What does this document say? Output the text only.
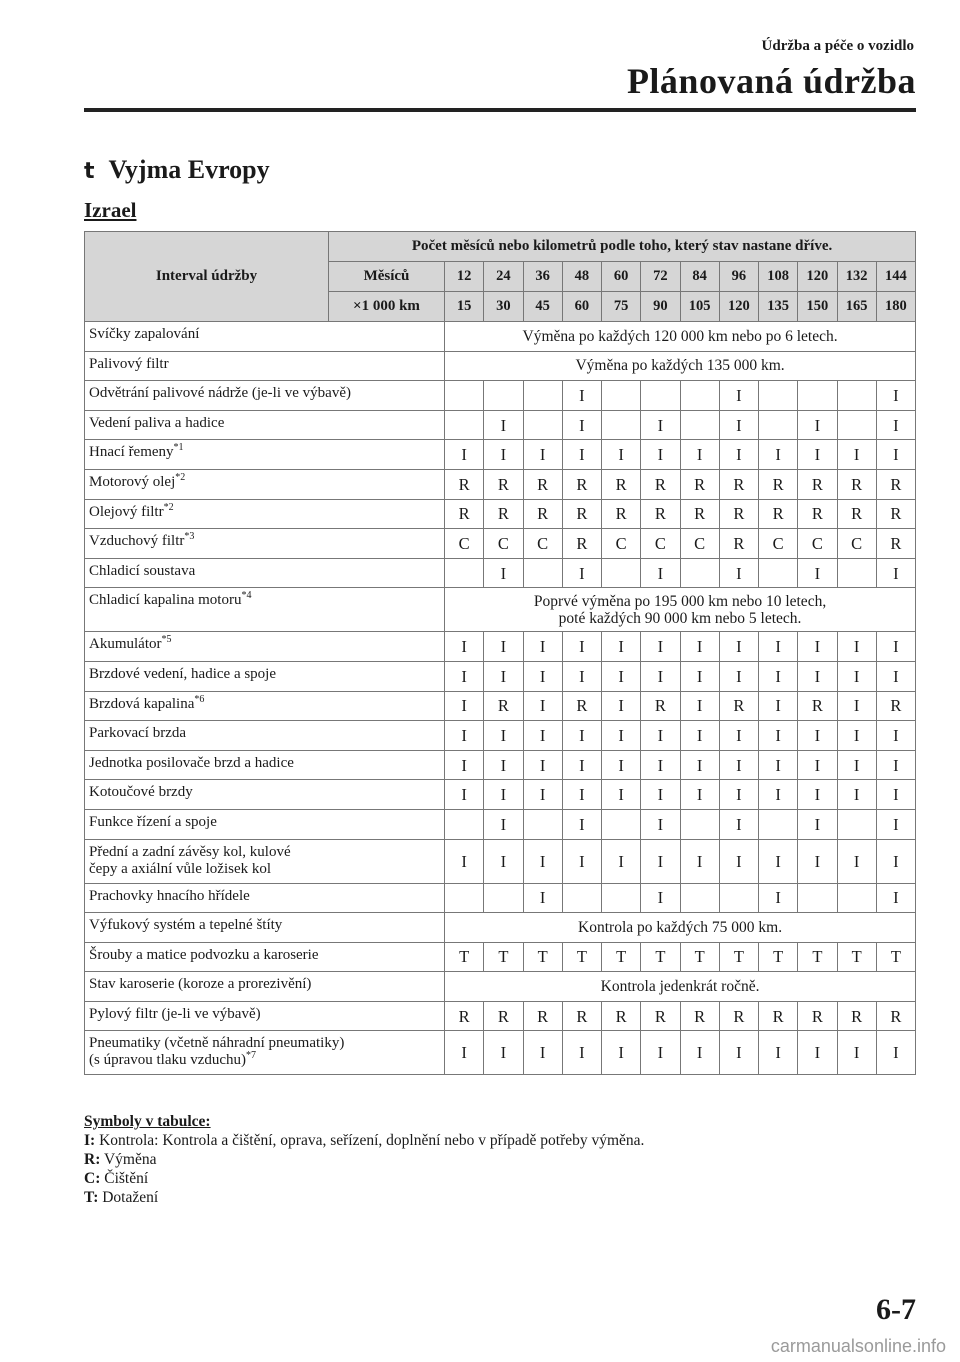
Údržba a péče o vozidlo
Plánovaná údržba
t Vyjma Evropy
Izrael
Interval údržby	Počet měsíců nebo kilometrů podle toho, který stav nastane dříve.												
	Měsíců	12	24	36	48	60	72	84	96	108	120	132	144
	×1 000 km	15	30	45	60	75	90	105	120	135	150	165	180
Svíčky zapalování		Výměna po každých 120 000 km nebo po 6 letech.											
Palivový filtr		Výměna po každých 135 000 km.											
Odvětrání palivové nádrže (je-li ve výbavě)					I				I				I
Vedení paliva a hadice			I		I		I		I		I		I
Hnací řemeny$^{*1}$		I	I	I	I	I	I	I	I	I	I	I	I
Motorový olej$^{*2}$		R	R	R	R	R	R	R	R	R	R	R	R
Olejový filtr$^{*2}$		R	R	R	R	R	R	R	R	R	R	R	R
Vzduchový filtr$^{*3}$		C	C	C	R	C	C	C	R	C	C	C	R
Chladicí soustava			I		I		I		I		I		I
Chladicí kapalina motoru$^{*4}$		Poprvé výměna po 195 000 km nebo 10 letech,
poté každých 90 000 km nebo 5 letech.											
Akumulátor$^{*5}$		I	I	I	I	I	I	I	I	I	I	I	I
Brzdové vedení, hadice a spoje		I	I	I	I	I	I	I	I	I	I	I	I
Brzdová kapalina$^{*6}$		I	R	I	R	I	R	I	R	I	R	I	R
Parkovací brzda		I	I	I	I	I	I	I	I	I	I	I	I
Jednotka posilovače brzd a hadice		I	I	I	I	I	I	I	I	I	I	I	I
Kotoučové brzdy		I	I	I	I	I	I	I	I	I	I	I	I
Funkce řízení a spoje			I		I		I		I		I		I
Přední a zadní závěsy kol, kulové
čepy a axiální vůle ložisek kol		I	I	I	I	I	I	I	I	I	I	I	I
Prachovky hnacího hřídele				I			I			I			I
Výfukový systém a tepelné štíty		Kontrola po každých 75 000 km.											
Šrouby a matice podvozku a karoserie		T	T	T	T	T	T	T	T	T	T	T	T
Stav karoserie (koroze a prorezivění)		Kontrola jedenkrát ročně.											
Pylový filtr (je-li ve výbavě)		R	R	R	R	R	R	R	R	R	R	R	R
Pneumatiky (včetně náhradní pneumatiky)
(s úpravou tlaku vzduchu)$^{*7}$		I	I	I	I	I	I	I	I	I	I	I	I
Symboly v tabulce:
I: Kontrola: Kontrola a čištění, oprava, seřízení, doplnění nebo v případě potřeby výměna.
R: Výměna
C: Čištění
T: Dotažení
6-7
carmanualsonline.info
